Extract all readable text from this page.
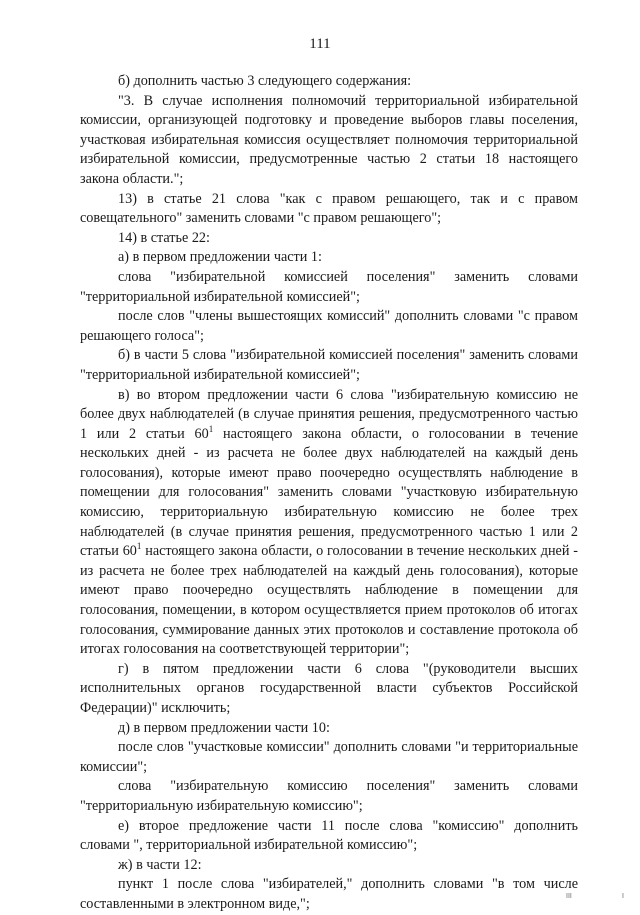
111

б) дополнить частью 3 следующего содержания:

"3. В случае исполнения полномочий территориальной избирательной комиссии, организующей подготовку и проведение выборов главы поселения, участковая избирательная комиссия осуществляет полномочия территориальной избирательной комиссии, предусмотренные частью 2 статьи 18 настоящего закона области.";

13) в статье 21 слова "как с правом решающего, так и с правом совещательного" заменить словами "с правом решающего";

14) в статье 22:

а) в первом предложении части 1:

слова "избирательной комиссией поселения" заменить словами "территориальной избирательной комиссией";

после слов "члены вышестоящих комиссий" дополнить словами "с правом решающего голоса";

б) в части 5 слова "избирательной комиссией поселения" заменить словами "территориальной избирательной комиссией";

в) во втором предложении части 6 слова "избирательную комиссию не более двух наблюдателей (в случае принятия решения, предусмотренного частью 1 или 2 статьи $60^1$ настоящего закона области, о голосовании в течение нескольких дней - из расчета не более двух наблюдателей на каждый день голосования), которые имеют право поочередно осуществлять наблюдение в помещении для голосования" заменить словами "участковую избирательную комиссию, территориальную избирательную комиссию не более трех наблюдателей (в случае принятия решения, предусмотренного частью 1 или 2 статьи $60^1$ настоящего закона области, о голосовании в течение нескольких дней - из расчета не более трех наблюдателей на каждый день голосования), которые имеют право поочередно осуществлять наблюдение в помещении для голосования, помещении, в котором осуществляется прием протоколов об итогах голосования, суммирование данных этих протоколов и составление протокола об итогах голосования на соответствующей территории";

г) в пятом предложении части 6 слова "(руководители высших исполнительных органов государственной власти субъектов Российской Федерации)" исключить;

д) в первом предложении части 10:

после слов "участковые комиссии" дополнить словами "и территориальные комиссии";

слова "избирательную комиссию поселения" заменить словами "территориальную избирательную комиссию";

е) второе предложение части 11 после слова "комиссию" дополнить словами ", территориальной избирательной комиссию";

ж) в части 12:

пункт 1 после слова "избирателей," дополнить словами "в том числе составленными в электронном виде,";	III	I
